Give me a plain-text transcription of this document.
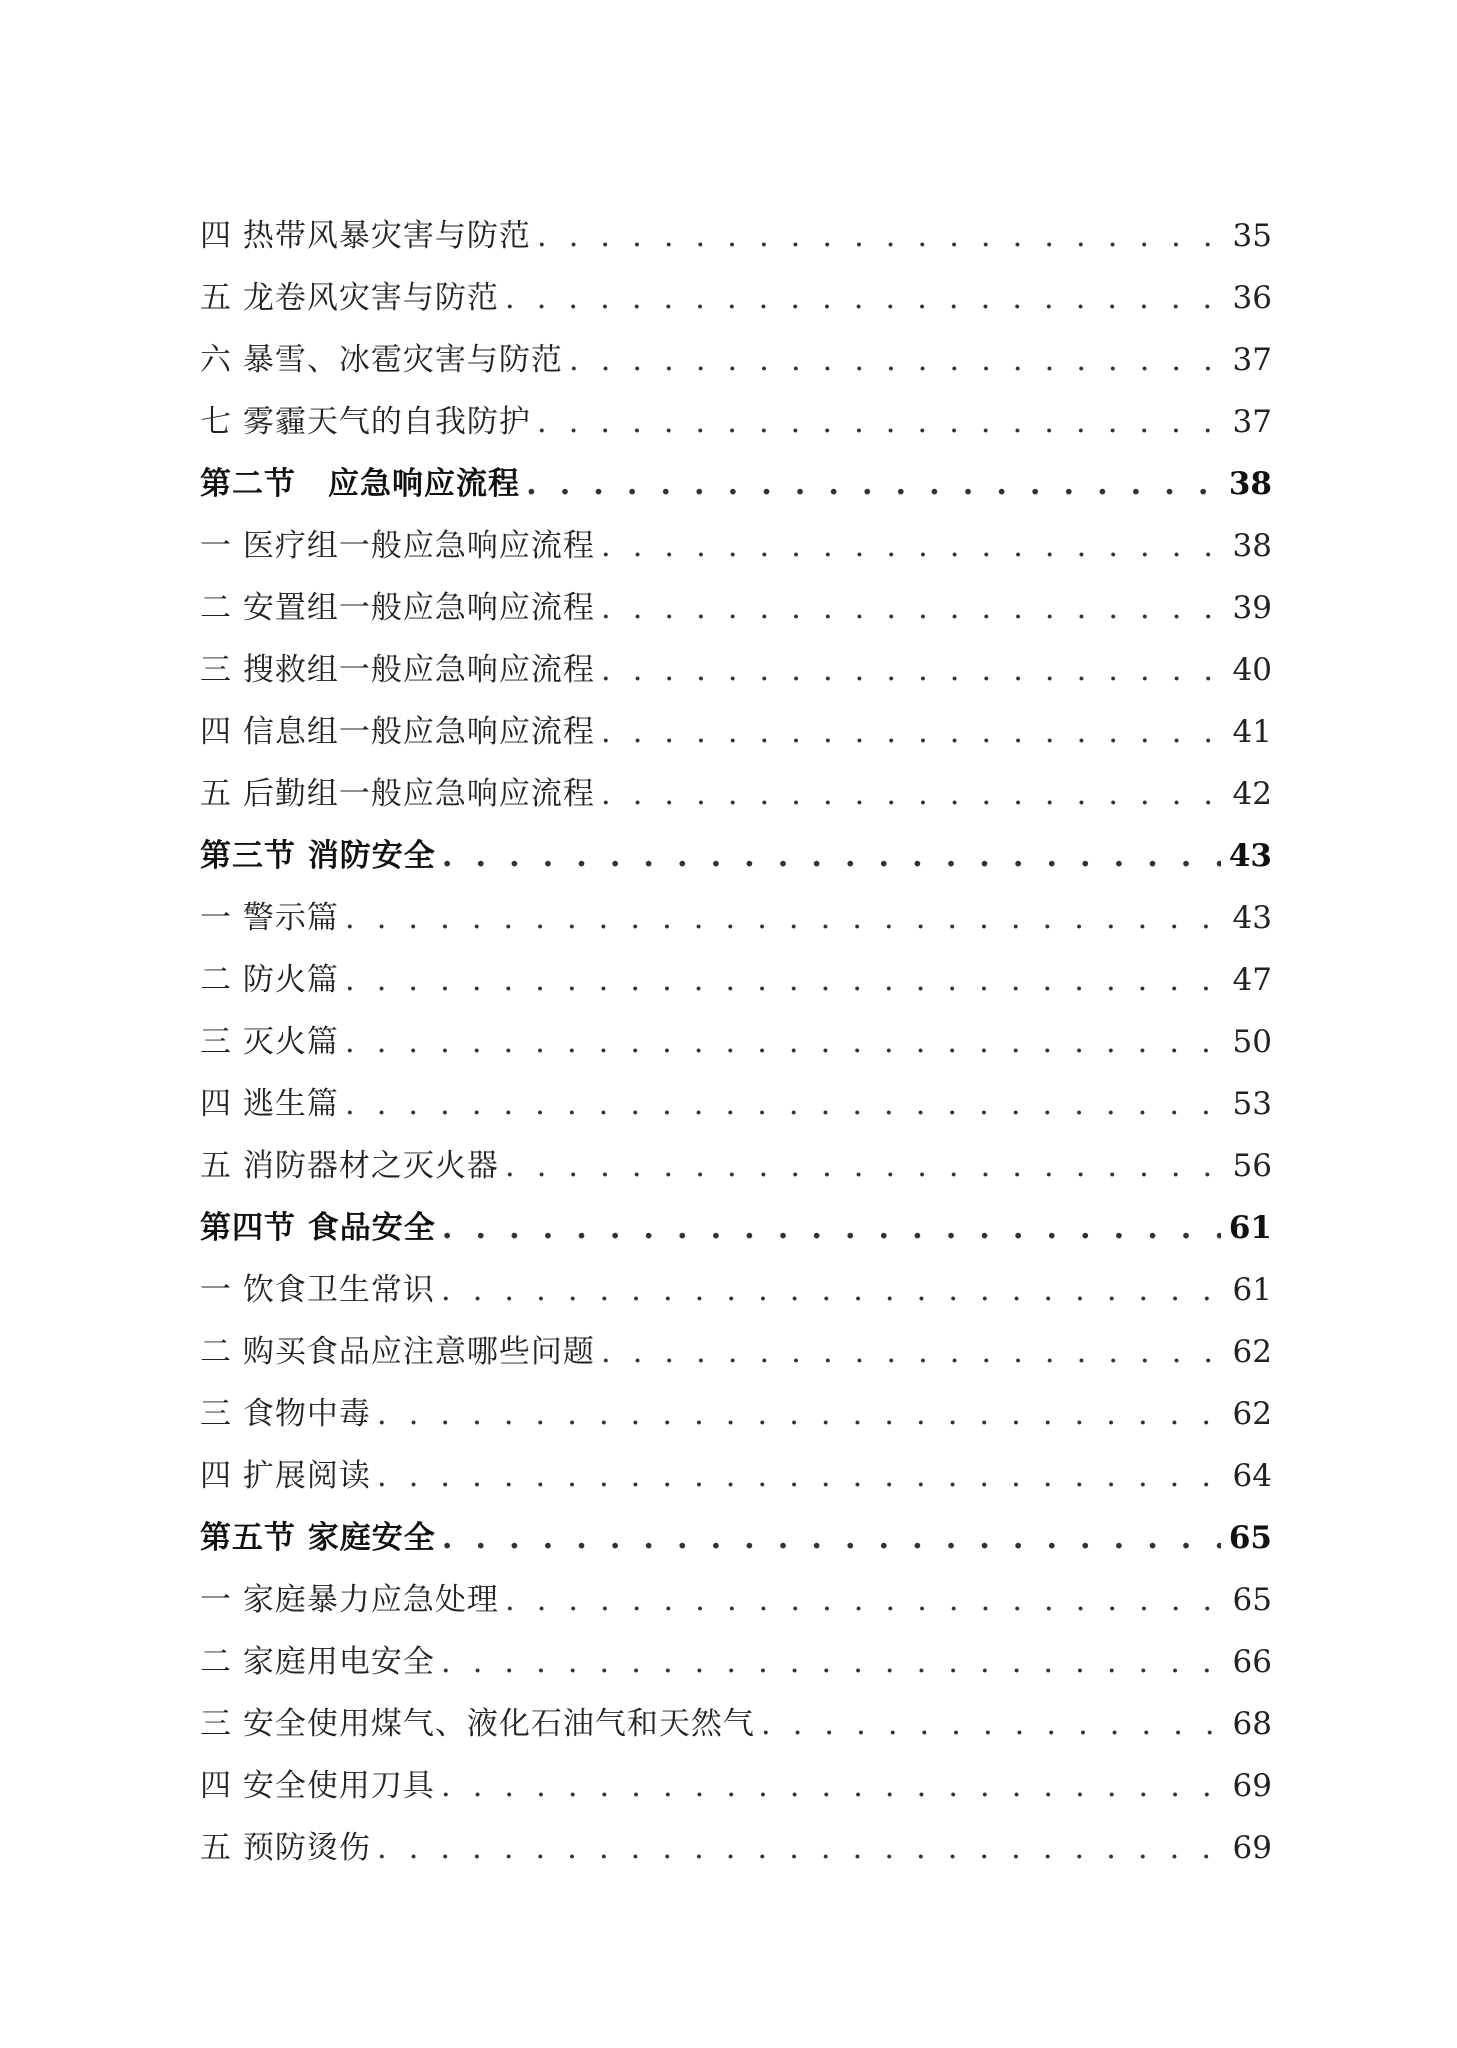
四 热带风暴灾害与防范 . . .	35
五 龙卷风灾害与防范 . . .	36
六 暴雪、冰雹灾害与防范 . . .	37
七 雾霾天气的自我防护 . . .	37
第二节　应急响应流程 . . .	38
一 医疗组一般应急响应流程 . . .	38
二 安置组一般应急响应流程 . . .	39
三 搜救组一般应急响应流程 . . .	40
四 信息组一般应急响应流程 . . .	41
五 后勤组一般应急响应流程 . . .	42
第三节 消防安全 . . .	43
一 警示篇 . . .	43
二 防火篇 . . .	47
三 灭火篇 . . .	50
四 逃生篇 . . .	53
五 消防器材之灭火器 . . .	56
第四节 食品安全 . . .	61
一 饮食卫生常识 . . .	61
二 购买食品应注意哪些问题 . . .	62
三 食物中毒 . . .	62
四 扩展阅读 . . .	64
第五节 家庭安全 . . .	65
一 家庭暴力应急处理 . . .	65
二 家庭用电安全 . . .	66
三 安全使用煤气、液化石油气和天然气 . . .	68
四 安全使用刀具 . . .	69
五 预防烫伤 . . .	69
